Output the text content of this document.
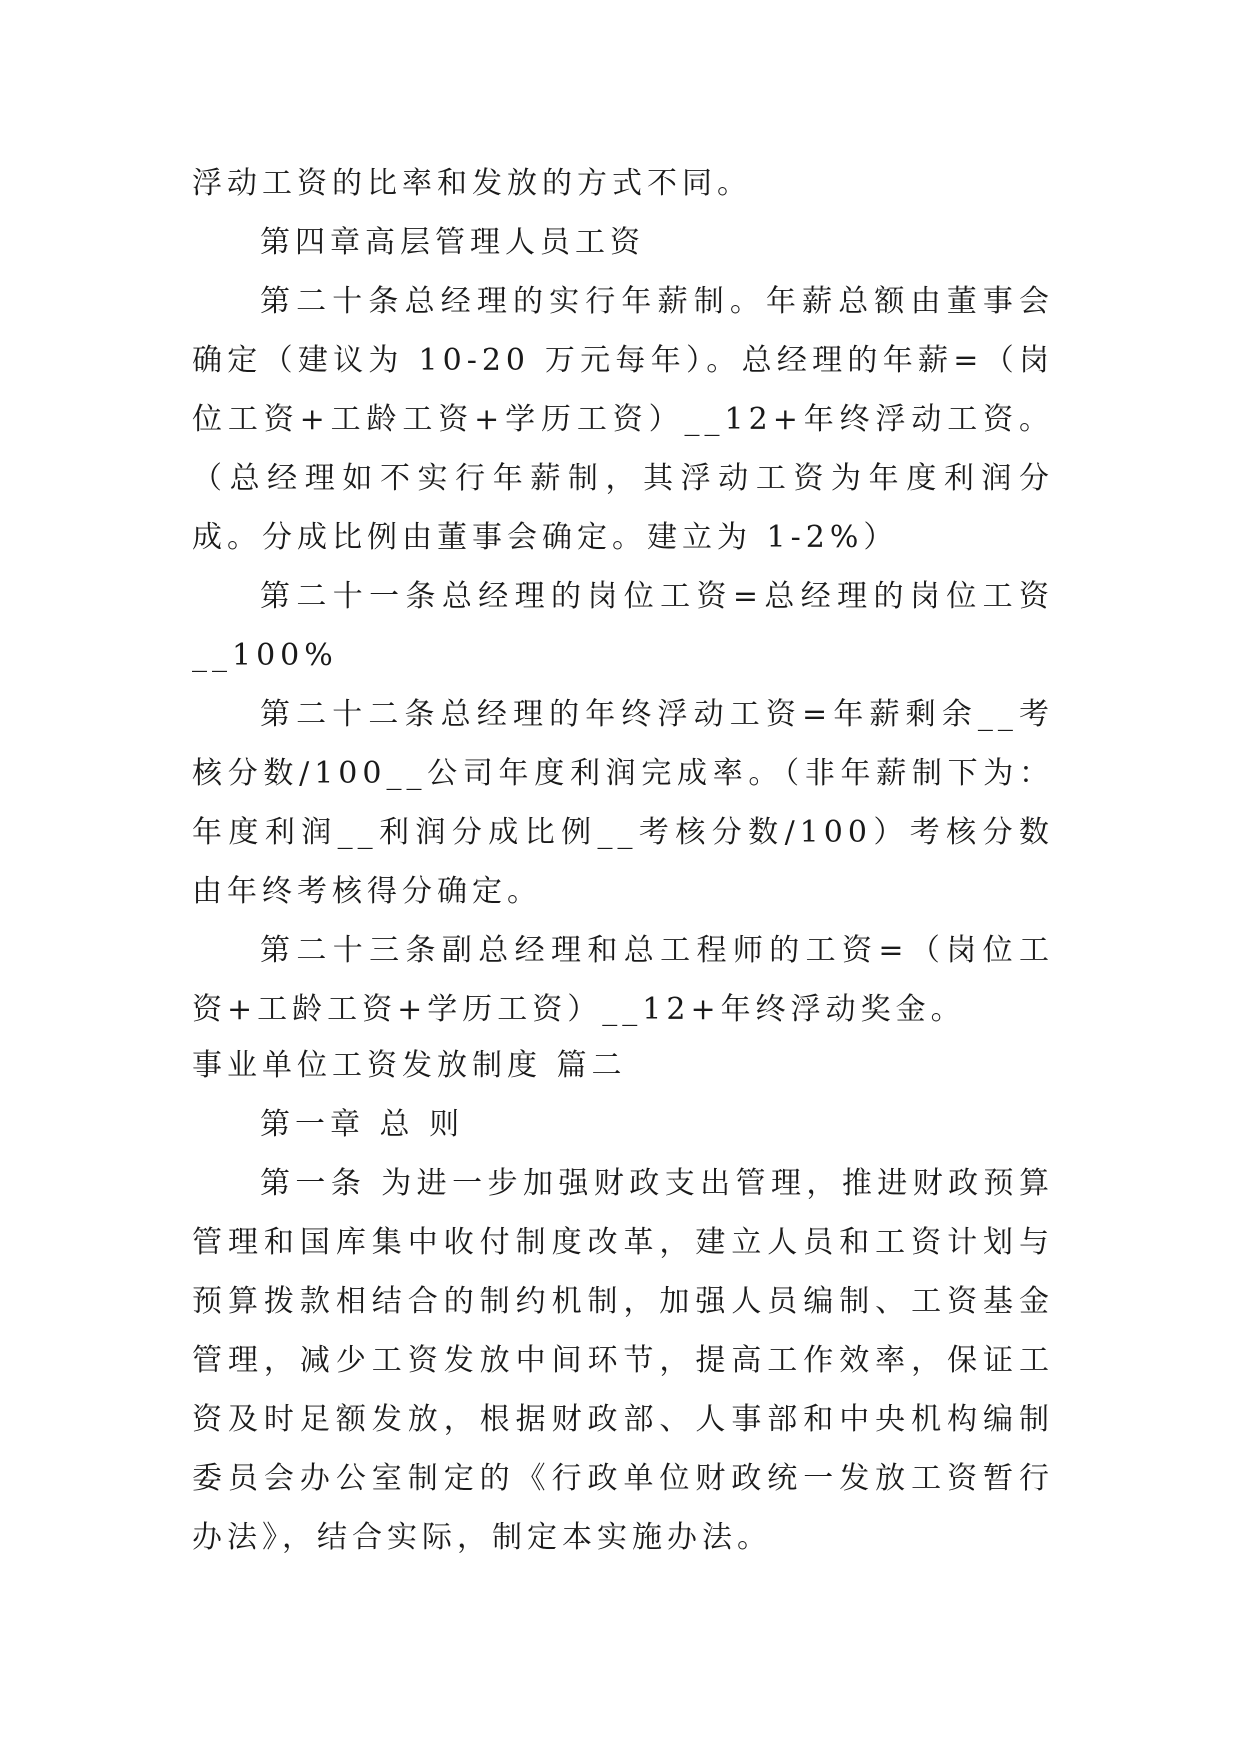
浮动工资的比率和发放的方式不同。

第四章高层管理人员工资

第二十条总经理的实行年薪制。年薪总额由董事会确定（建议为 10-20 万元每年）。总经理的年薪=（岗位工资+工龄工资+学历工资）__12+年终浮动工资。（总经理如不实行年薪制，其浮动工资为年度利润分成。分成比例由董事会确定。建立为 1-2%）

第二十一条总经理的岗位工资=总经理的岗位工资__100%

第二十二条总经理的年终浮动工资=年薪剩余__考核分数/100__公司年度利润完成率。（非年薪制下为：年度利润__利润分成比例__考核分数/100）考核分数由年终考核得分确定。

第二十三条副总经理和总工程师的工资=（岗位工资+工龄工资+学历工资）__12+年终浮动奖金。

事业单位工资发放制度 篇二

第一章 总 则

第一条 为进一步加强财政支出管理，推进财政预算管理和国库集中收付制度改革，建立人员和工资计划与预算拨款相结合的制约机制，加强人员编制、工资基金管理，减少工资发放中间环节，提高工作效率，保证工资及时足额发放，根据财政部、人事部和中央机构编制委员会办公室制定的《行政单位财政统一发放工资暂行办法》，结合实际，制定本实施办法。
